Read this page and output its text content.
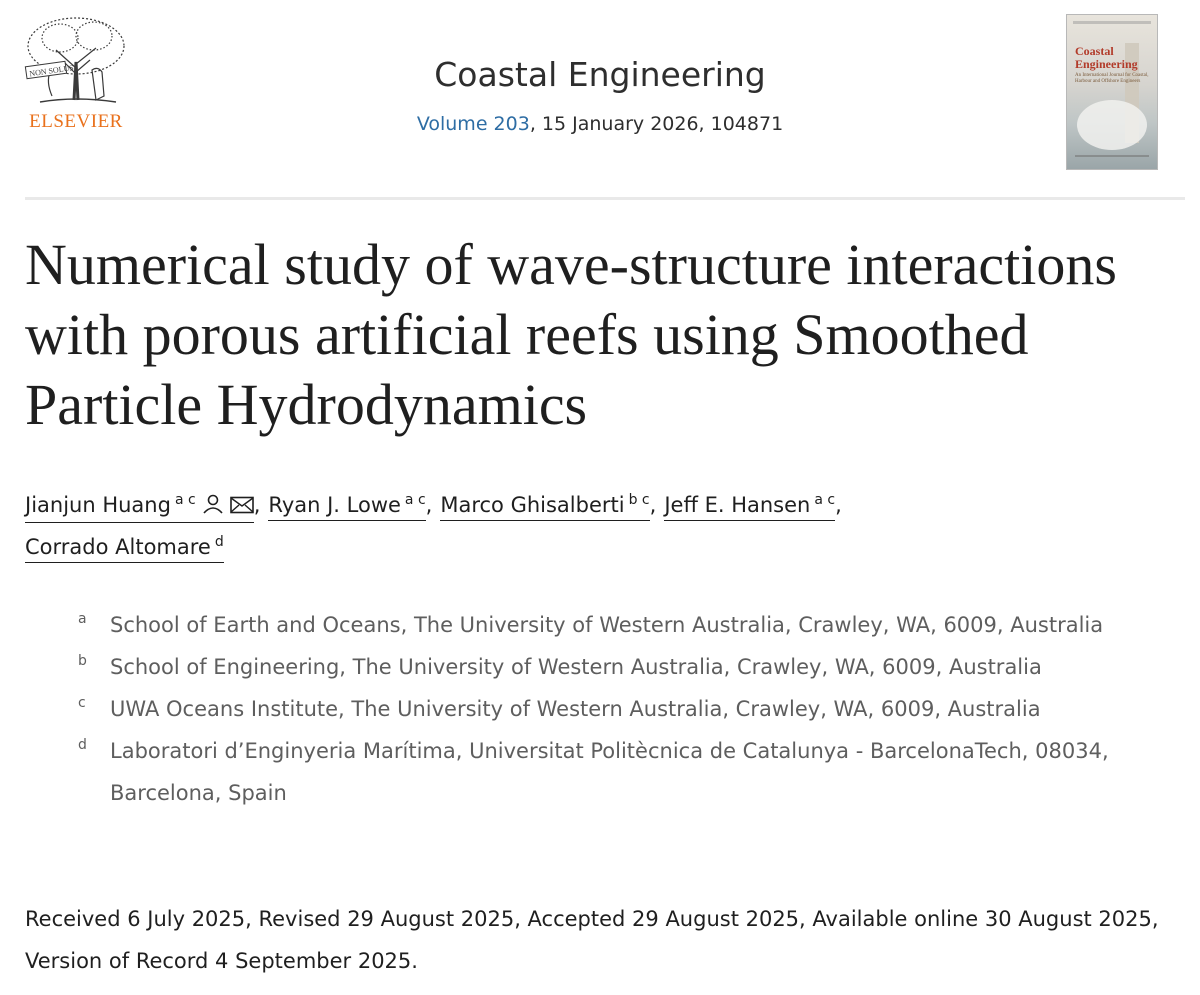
NON SOLUS
ELSEVIER
Coastal Engineering
Volume 203, 15 January 2026, 104871
Coastal Engineering
An International Journal for Coastal, Harbour and Offshore Engineers
Numerical study of wave-structure interactions with porous artificial reefs using Smoothed Particle Hydrodynamics
Jianjun Huang $^{a c}$	, Ryan J. Lowe $^{a c}$, Marco Ghisalberti $^{b c}$, Jeff E. Hansen $^{a c}$,
Corrado Altomare $^d$
a School of Earth and Oceans, The University of Western Australia, Crawley, WA, 6009, Australia
b School of Engineering, The University of Western Australia, Crawley, WA, 6009, Australia
c UWA Oceans Institute, The University of Western Australia, Crawley, WA, 6009, Australia
d Laboratori d’Enginyeria Marítima, Universitat Politècnica de Catalunya - BarcelonaTech, 08034, Barcelona, Spain
Received 6 July 2025, Revised 29 August 2025, Accepted 29 August 2025, Available online 30 August 2025, Version of Record 4 September 2025.
